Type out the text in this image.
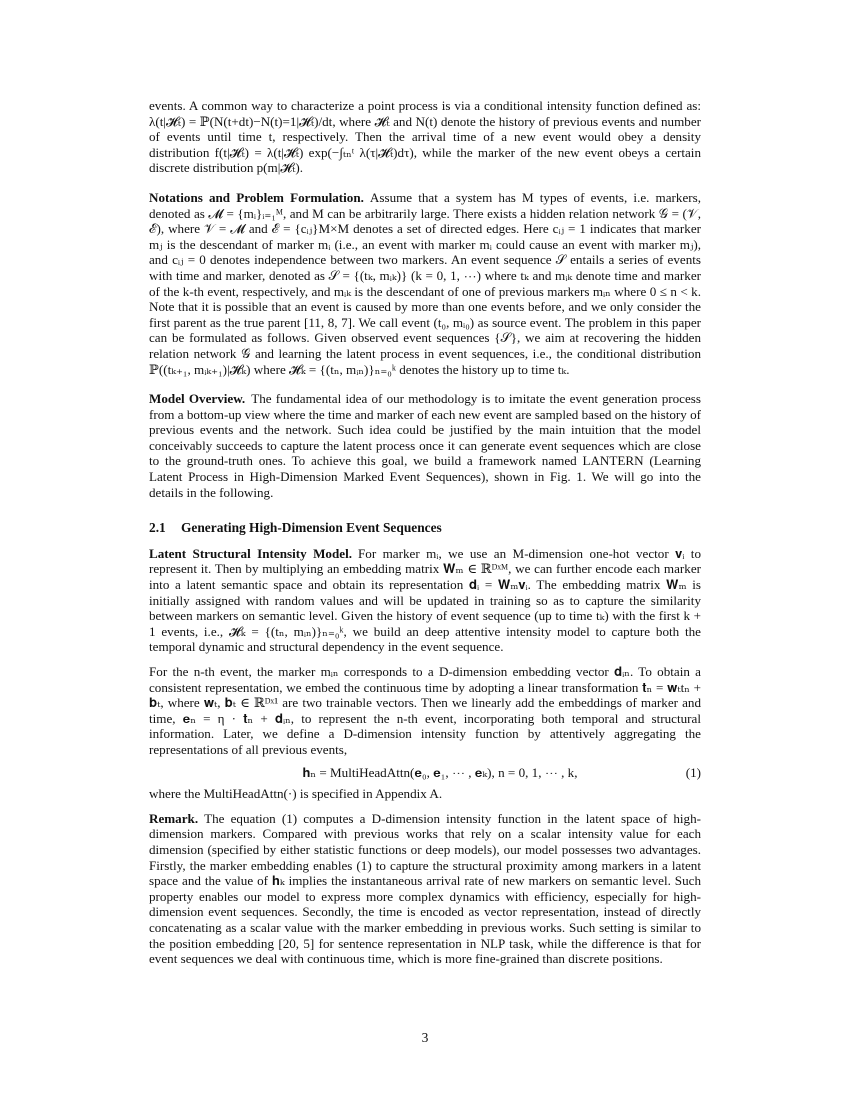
events. A common way to characterize a point process is via a conditional intensity function defined as: λ(t|𝓗ₜ) = ℙ(N(t+dt)−N(t)=1|𝓗ₜ)/dt, where 𝓗ₜ and N(t) denote the history of previous events and number of events until time t, respectively. Then the arrival time of a new event would obey a density distribution f(t|𝓗ₜ) = λ(t|𝓗ₜ) exp(−∫ₜₙᵗ λ(τ|𝓗ₜ)dτ), while the marker of the new event obeys a certain discrete distribution p(m|𝓗ₜ).

Notations and Problem Formulation. Assume that a system has M types of events, i.e. markers, denoted as 𝓜 = {mᵢ}ᵢ₌₁ᴹ, and M can be arbitrarily large. There exists a hidden relation network 𝒢 = (𝒱, ℰ), where 𝒱 = 𝓜 and ℰ = {cᵢⱼ}M×M denotes a set of directed edges. Here cᵢⱼ = 1 indicates that marker mⱼ is the descendant of marker mᵢ (i.e., an event with marker mᵢ could cause an event with marker mⱼ), and cᵢⱼ = 0 denotes independence between two markers. An event sequence 𝒮 entails a series of events with time and marker, denoted as 𝒮 = {(tₖ, mᵢₖ)} (k = 0, 1, ⋯) where tₖ and mᵢₖ denote time and marker of the k-th event, respectively, and mᵢₖ is the descendant of one of previous markers mᵢₙ where 0 ≤ n < k. Note that it is possible that an event is caused by more than one events before, and we only consider the first parent as the true parent [11, 8, 7]. We call event (t₀, mᵢ₀) as source event. The problem in this paper can be formulated as follows. Given observed event sequences {𝒮}, we aim at recovering the hidden relation network 𝒢 and learning the latent process in event sequences, i.e., the conditional distribution ℙ((tₖ₊₁, mᵢₖ₊₁)|𝓗ₖ) where 𝓗ₖ = {(tₙ, mᵢₙ)}ₙ₌₀ᵏ denotes the history up to time tₖ.

Model Overview. The fundamental idea of our methodology is to imitate the event generation process from a bottom-up view where the time and marker of each new event are sampled based on the history of previous events and the network. Such idea could be justified by the main intuition that the model conceivably succeeds to capture the latent process once it can generate event sequences which are close to the ground-truth ones. To achieve this goal, we build a framework named LANTERN (Learning Latent Process in High-Dimension Marked Event Sequences), shown in Fig. 1. We will go into the details in the following.

2.1 Generating High-Dimension Event Sequences

Latent Structural Intensity Model. For marker mᵢ, we use an M-dimension one-hot vector 𝐯ᵢ to represent it. Then by multiplying an embedding matrix 𝐖ₘ ∈ ℝᴰˣᴹ, we can further encode each marker into a latent semantic space and obtain its representation 𝐝ᵢ = 𝐖ₘ𝐯ᵢ. The embedding matrix 𝐖ₘ is initially assigned with random values and will be updated in training so as to capture the similarity between markers on semantic level. Given the history of event sequence (up to time tₖ) with the first k + 1 events, i.e., 𝓗ₖ = {(tₙ, mᵢₙ)}ₙ₌₀ᵏ, we build an deep attentive intensity model to capture both the temporal dynamic and structural dependency in the event sequence.

For the n-th event, the marker mᵢₙ corresponds to a D-dimension embedding vector 𝐝ᵢₙ. To obtain a consistent representation, we embed the continuous time by adopting a linear transformation 𝐭ₙ = 𝐰ₜtₙ + 𝐛ₜ, where 𝐰ₜ, 𝐛ₜ ∈ ℝᴰˣ¹ are two trainable vectors. Then we linearly add the embeddings of marker and time, 𝐞ₙ = η · 𝐭ₙ + 𝐝ᵢₙ, to represent the n-th event, incorporating both temporal and structural information. Later, we define a D-dimension intensity function by attentively aggregating the representations of all previous events,

𝐡ₙ = MultiHeadAttn(𝐞₀, 𝐞₁, ⋯ , 𝐞ₖ), n = 0, 1, ⋯ , k,	(1)

where the MultiHeadAttn(·) is specified in Appendix A.

Remark. The equation (1) computes a D-dimension intensity function in the latent space of high-dimension markers. Compared with previous works that rely on a scalar intensity value for each dimension (specified by either statistic functions or deep models), our model possesses two advantages. Firstly, the marker embedding enables (1) to capture the structural proximity among markers in a latent space and the value of 𝐡ₖ implies the instantaneous arrival rate of new markers on semantic level. Such property enables our model to express more complex dynamics with efficiency, especially for high-dimension event sequences. Secondly, the time is encoded as vector representation, instead of directly concatenating as a scalar value with the marker embedding in previous works. Such setting is similar to the position embedding [20, 5] for sentence representation in NLP task, while the difference is that for event sequences we deal with continuous time, which is more fine-grained than discrete positions.

3
